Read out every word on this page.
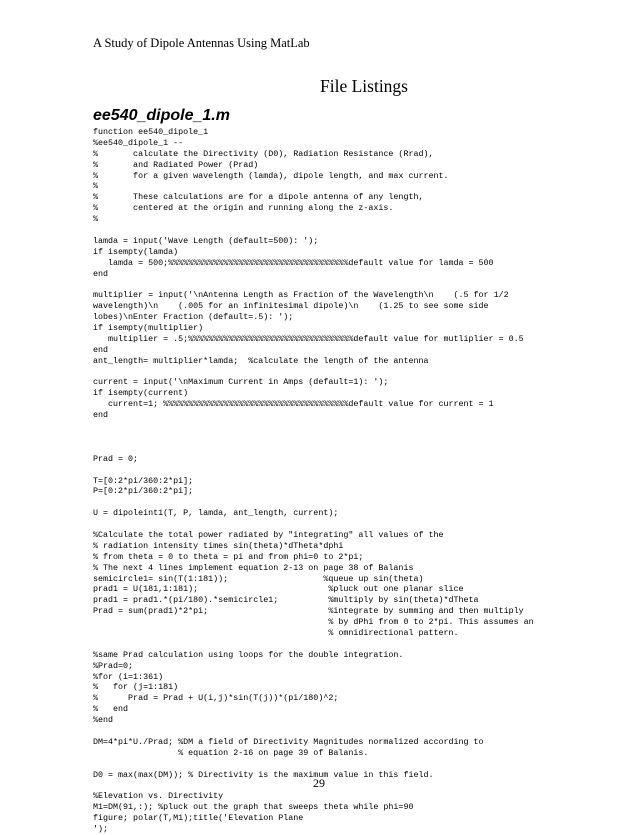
A Study of Dipole Antennas Using MatLab
File Listings
ee540_dipole_1.m
function ee540_dipole_1
%ee540_dipole_1 --
%       calculate the Directivity (D0), Radiation Resistance (Rrad),
%       and Radiated Power (Prad)
%       for a given wavelength (lamda), dipole length, and max current.
%
%       These calculations are for a dipole antenna of any length,
%       centered at the origin and running along the z-axis.
%
lamda = input('Wave Length (default=500): ');
if isempty(lamda)
lamda = 500;%%%%%%%%%%%%%%%%%%%%%%%%%%%%%%%%%%%%default value for lamda = 500
end
multiplier = input('\nAntenna Length as Fraction of the Wavelength\n    (.5 for 1/2
wavelength)\n    (.005 for an infinitesimal dipole)\n    (1.25 to see some side
lobes)\nEnter Fraction (default=.5): ');
if isempty(multiplier)
multiplier = .5;%%%%%%%%%%%%%%%%%%%%%%%%%%%%%%%%%default value for mutliplier = 0.5
end
ant_length= multiplier*lamda;  %calculate the length of the antenna
current = input('\nMaximum Current in Amps (default=1): ');
if isempty(current)
current=1; %%%%%%%%%%%%%%%%%%%%%%%%%%%%%%%%%%%%%default value for current = 1
end
Prad = 0;
T=[0:2*pi/360:2*pi];
P=[0:2*pi/360:2*pi];
U = dipoleint1(T, P, lamda, ant_length, current);
%Calculate the total power radiated by "integrating" all values of the
% radiation intensity times sin(theta)*dTheta*dphi
% from theta = 0 to theta = pi and from phi=0 to 2*pi;
% The next 4 lines implement equation 2-13 on page 38 of Balanis
semicircle1= sin(T(1:181));                   %queue up sin(theta)
prad1 = U(181,1:181);                          %pluck out one planar slice
prad1 = prad1.*(pi/180).*semicircle1;          %multiply by sin(theta)*dTheta
Prad = sum(prad1)*2*pi;                        %integrate by summing and then multiply
% by dPhi from 0 to 2*pi. This assumes an
% omnidirectional pattern.
%same Prad calculation using loops for the double integration.
%Prad=0;
%for (i=1:361)
%   for (j=1:181)
%      Prad = Prad + U(i,j)*sin(T(j))*(pi/180)^2;
%   end
%end
DM=4*pi*U./Prad; %DM a field of Directivity Magnitudes normalized according to
% equation 2-16 on page 39 of Balanis.
D0 = max(max(DM)); % Directivity is the maximum value in this field.
%Elevation vs. Directivity
M1=DM(91,:); %pluck out the graph that sweeps theta while phi=90
figure; polar(T,M1);title('Elevation Plane
');
29
